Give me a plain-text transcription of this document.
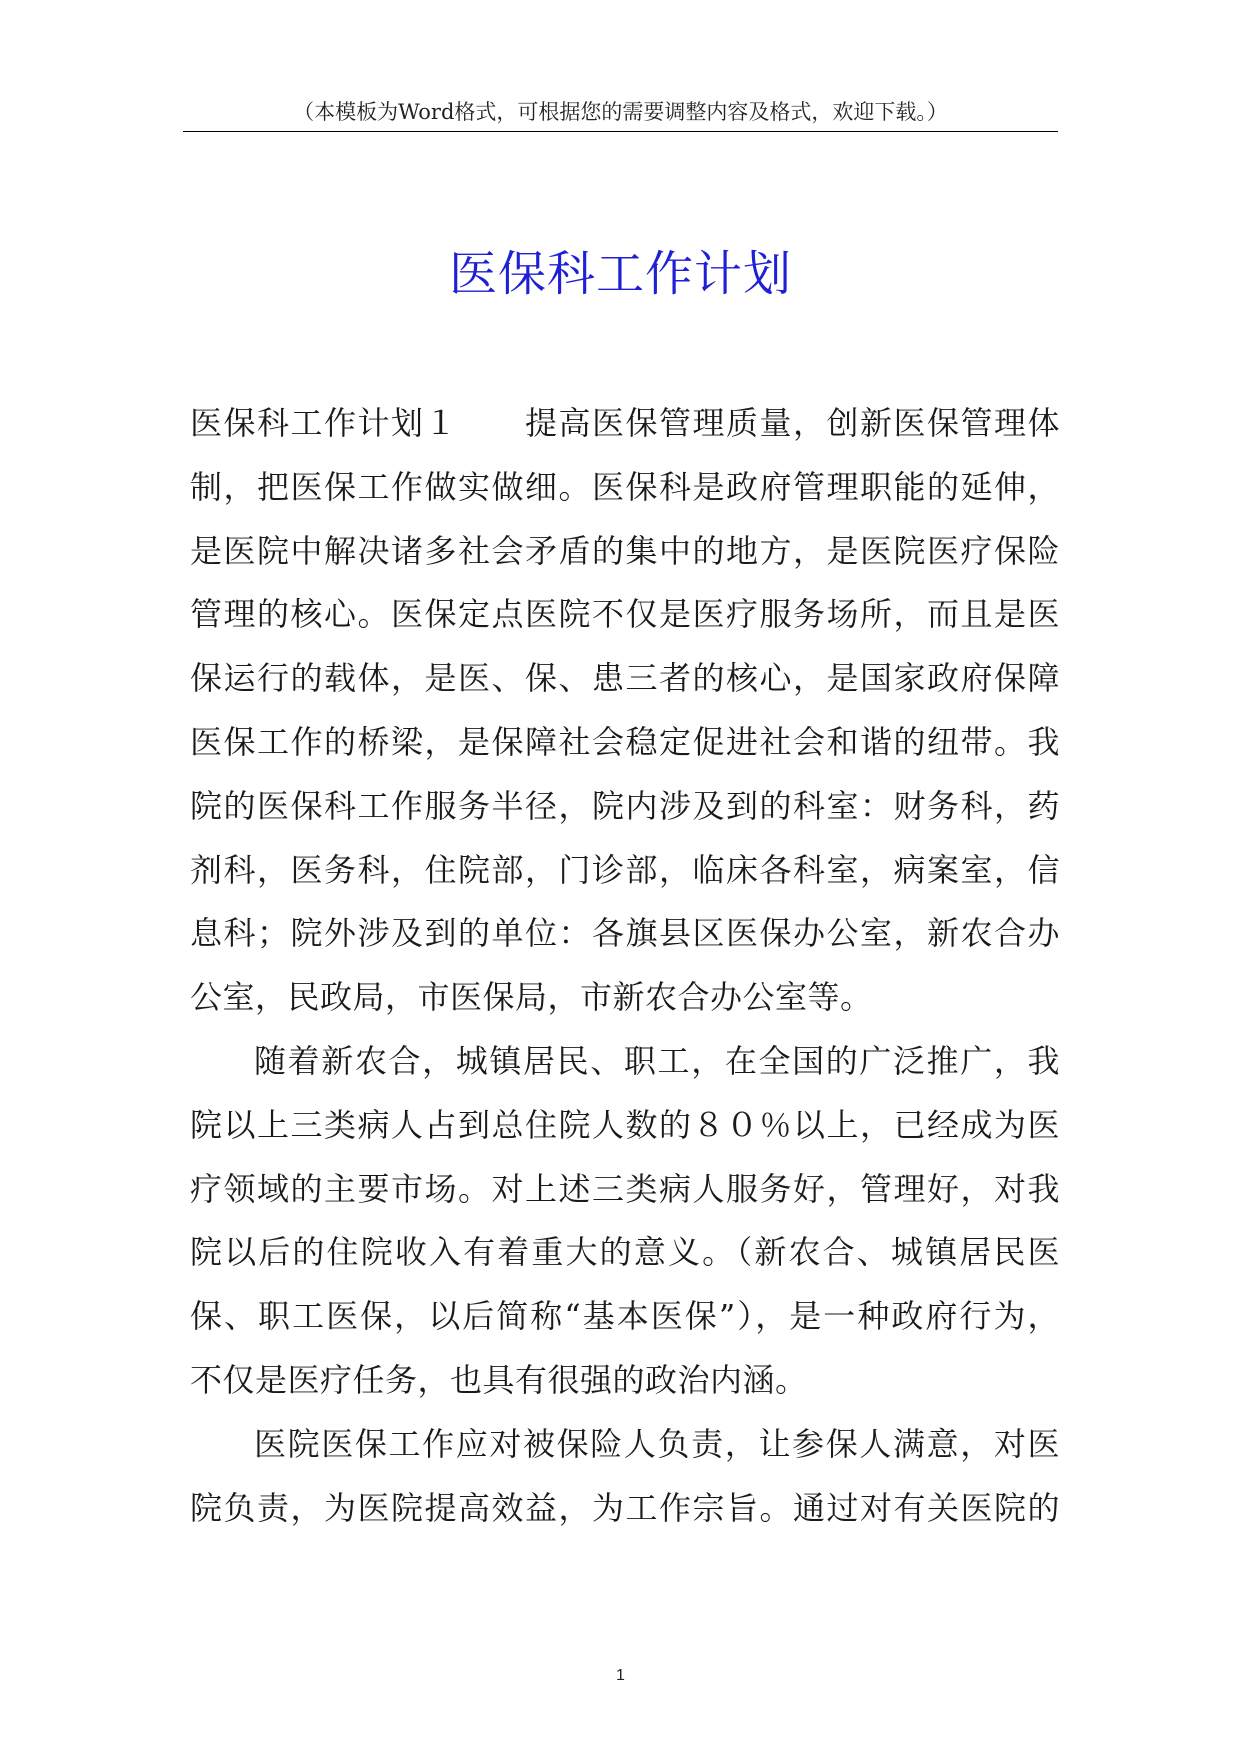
（本模板为Word格式，可根据您的需要调整内容及格式，欢迎下载。）
医保科工作计划
医保科工作计划１　　提高医保管理质量，创新医保管理体
制，把医保工作做实做细。医保科是政府管理职能的延伸，
是医院中解决诸多社会矛盾的集中的地方，是医院医疗保险
管理的核心。医保定点医院不仅是医疗服务场所，而且是医
保运行的载体，是医、保、患三者的核心，是国家政府保障
医保工作的桥梁，是保障社会稳定促进社会和谐的纽带。我
院的医保科工作服务半径，院内涉及到的科室：财务科，药
剂科，医务科，住院部，门诊部，临床各科室，病案室，信
息科；院外涉及到的单位：各旗县区医保办公室，新农合办
公室，民政局，市医保局，市新农合办公室等。
随着新农合，城镇居民、职工，在全国的广泛推广，我
院以上三类病人占到总住院人数的８０％以上，已经成为医
疗领域的主要市场。对上述三类病人服务好，管理好，对我
院以后的住院收入有着重大的意义。（新农合、城镇居民医
保、职工医保，以后简称“基本医保”），是一种政府行为，
不仅是医疗任务，也具有很强的政治内涵。
医院医保工作应对被保险人负责，让参保人满意，对医
院负责，为医院提高效益，为工作宗旨。通过对有关医院的
1
